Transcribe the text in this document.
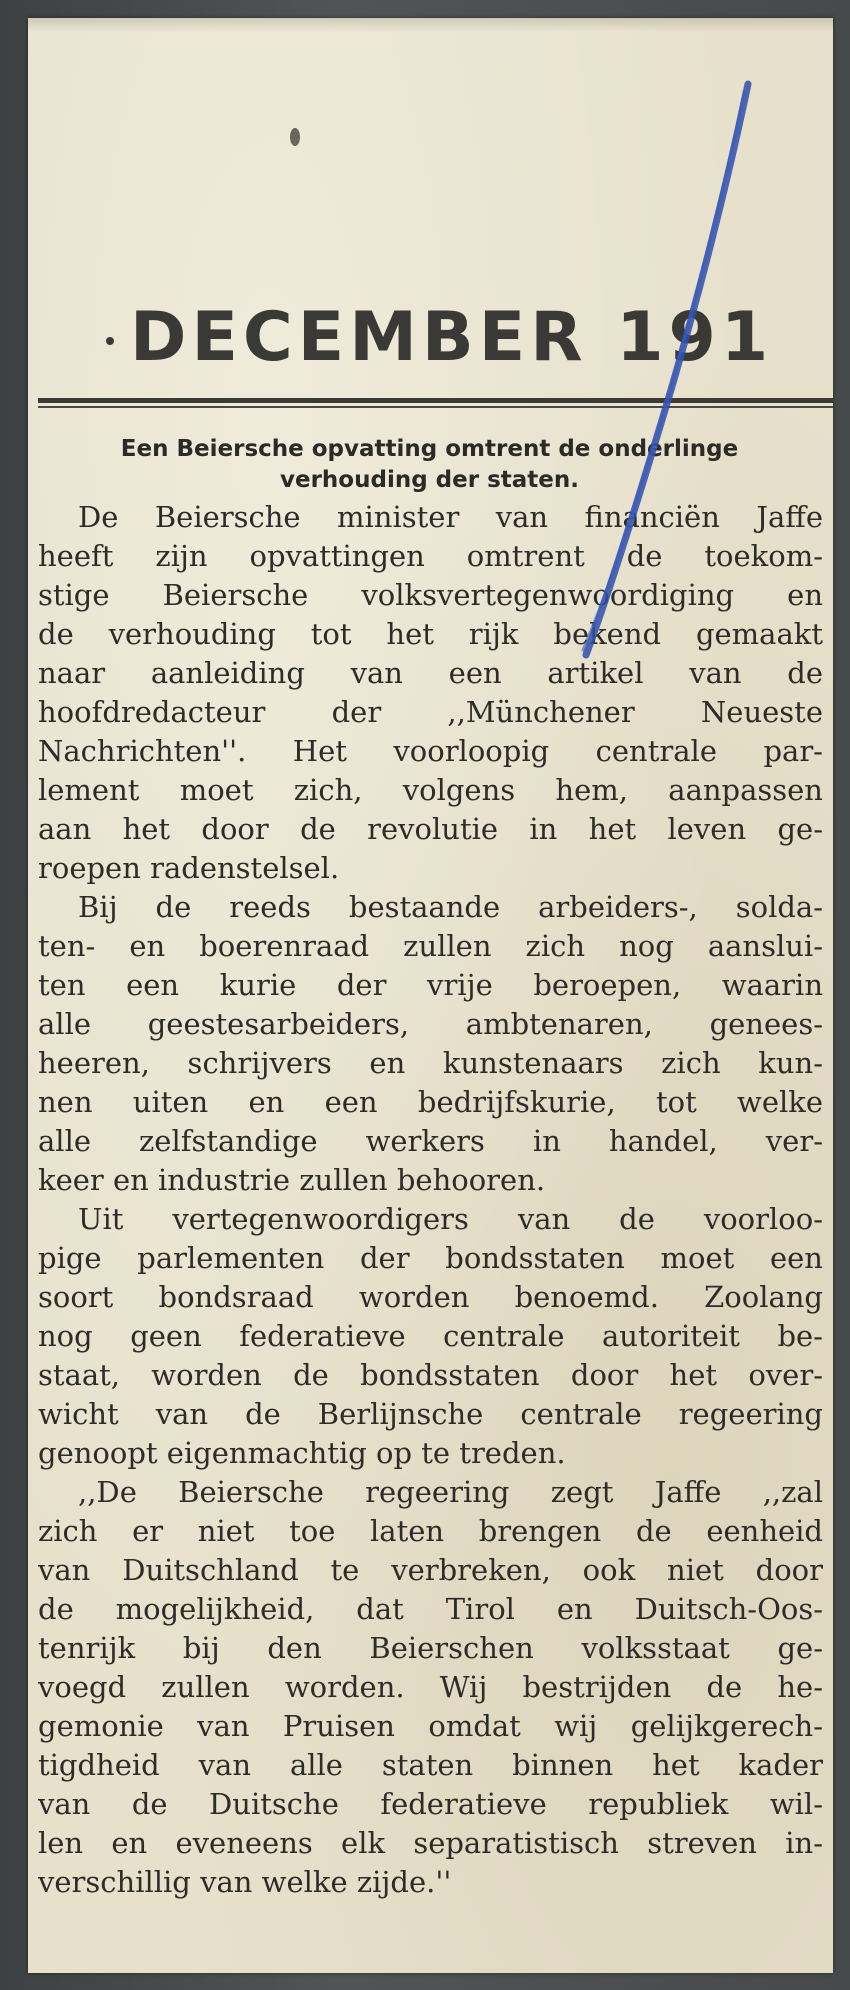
DECEMBER 191
Een Beiersche opvatting omtrent de onderlinge
verhouding der staten.
De Beiersche minister van financiën Jaffe
heeft zijn opvattingen omtrent de toekom-
stige Beiersche volksvertegenwoordiging en
de verhouding tot het rijk bekend gemaakt
naar aanleiding van een artikel van de
hoofdredacteur der ,,Münchener Neueste
Nachrichten''. Het voorloopig centrale par-
lement moet zich, volgens hem, aanpassen
aan het door de revolutie in het leven ge-
roepen radenstelsel.
Bij de reeds bestaande arbeiders-, solda-
ten- en boerenraad zullen zich nog aanslui-
ten een kurie der vrije beroepen, waarin
alle geestesarbeiders, ambtenaren, genees-
heeren, schrijvers en kunstenaars zich kun-
nen uiten en een bedrijfskurie, tot welke
alle zelfstandige werkers in handel, ver-
keer en industrie zullen behooren.
Uit vertegenwoordigers van de voorloo-
pige parlementen der bondsstaten moet een
soort bondsraad worden benoemd. Zoolang
nog geen federatieve centrale autoriteit be-
staat, worden de bondsstaten door het over-
wicht van de Berlijnsche centrale regeering
genoopt eigenmachtig op te treden.
,,De Beiersche regeering zegt Jaffe ,,zal
zich er niet toe laten brengen de eenheid
van Duitschland te verbreken, ook niet door
de mogelijkheid, dat Tirol en Duitsch-Oos-
tenrijk bij den Beierschen volksstaat ge-
voegd zullen worden. Wij bestrijden de he-
gemonie van Pruisen omdat wij gelijkgerech-
tigdheid van alle staten binnen het kader
van de Duitsche federatieve republiek wil-
len en eveneens elk separatistisch streven in-
verschillig van welke zijde.''
